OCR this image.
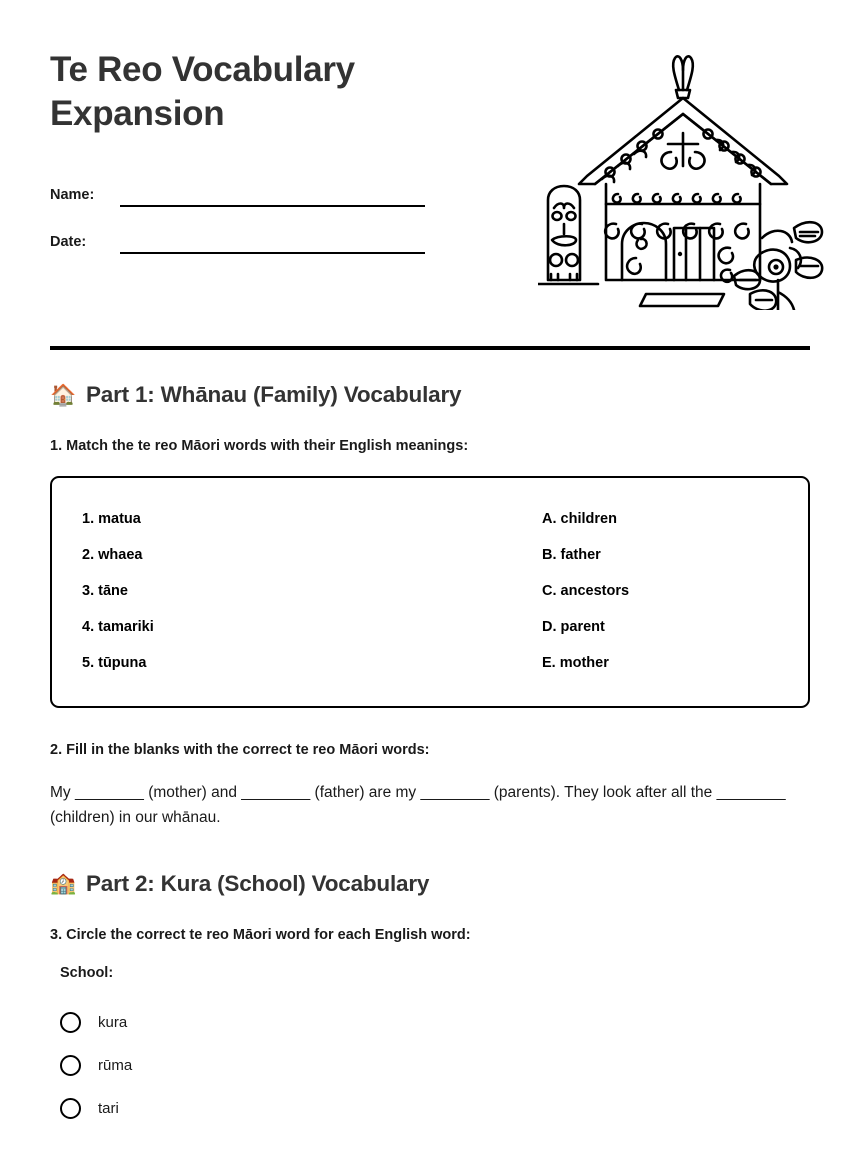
Te Reo Vocabulary Expansion
Name:
Date:
🏠 Part 1: Whānau (Family) Vocabulary

1. Match the te reo Māori words with their English meanings:

1. matua
2. whaea
3. tāne
4. tamariki
5. tūpuna
A. children
B. father
C. ancestors
D. parent
E. mother

2. Fill in the blanks with the correct te reo Māori words:

My ________ (mother) and ________ (father) are my ________ (parents). They look after all the ________ (children) in our whānau.

🏫 Part 2: Kura (School) Vocabulary

3. Circle the correct te reo Māori word for each English word:

School:

kura
rūma
tari
